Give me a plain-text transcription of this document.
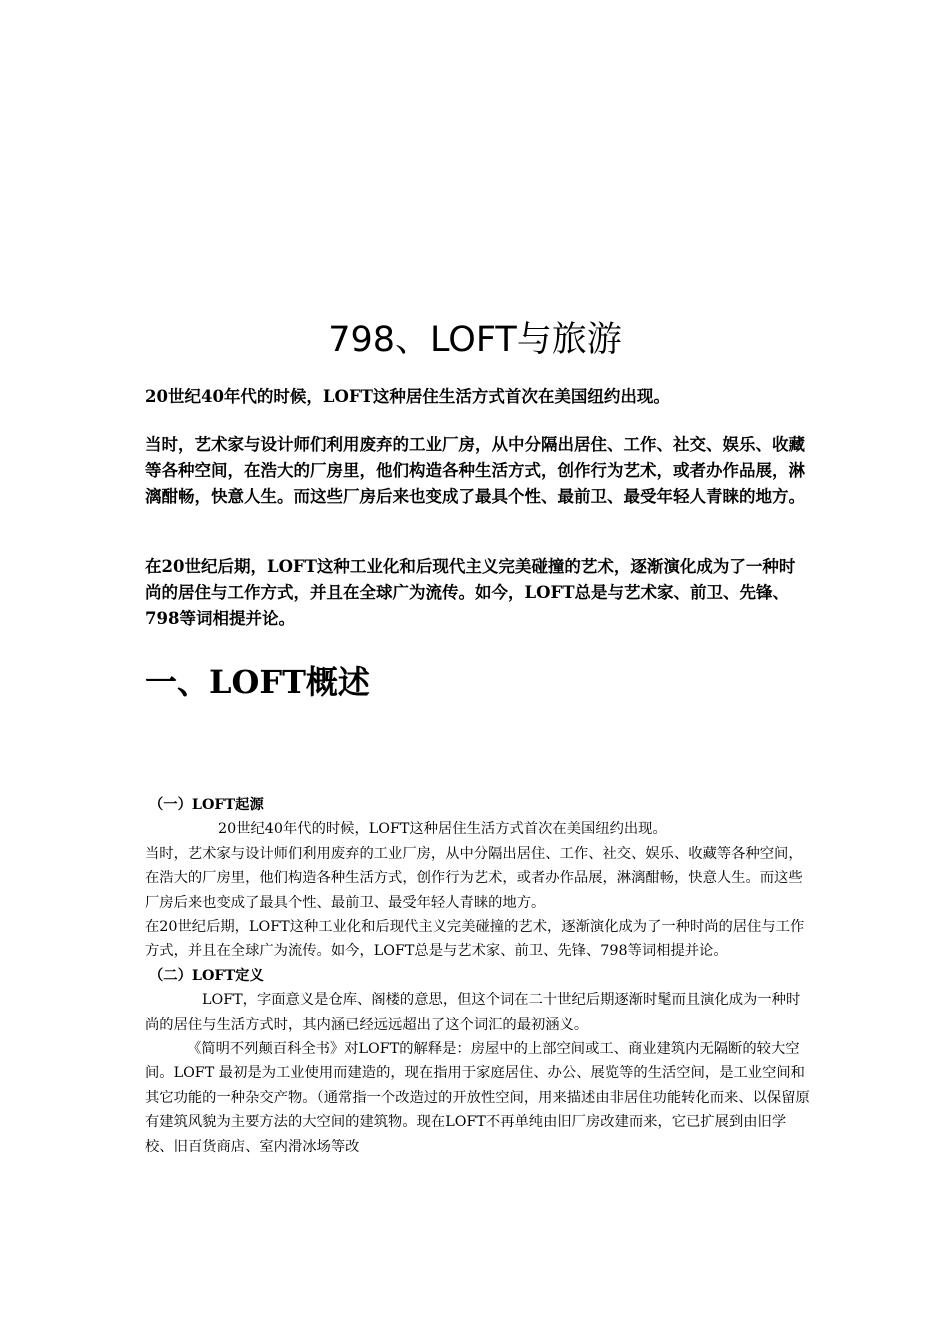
798、LOFT与旅游

20世纪40年代的时候，LOFT这种居住生活方式首次在美国纽约出现。

当时，艺术家与设计师们利用废弃的工业厂房，从中分隔出居住、工作、社交、娱乐、收藏等各种空间，在浩大的厂房里，他们构造各种生活方式，创作行为艺术，或者办作品展，淋漓酣畅，快意人生。而这些厂房后来也变成了最具个性、最前卫、最受年轻人青睐的地方。

在20世纪后期，LOFT这种工业化和后现代主义完美碰撞的艺术，逐渐演化成为了一种时尚的居住与工作方式，并且在全球广为流传。如今，LOFT总是与艺术家、前卫、先锋、798等词相提并论。

一、LOFT概述

（一）LOFT起源

20世纪40年代的时候，LOFT这种居住生活方式首次在美国纽约出现。

当时，艺术家与设计师们利用废弃的工业厂房，从中分隔出居住、工作、社交、娱乐、收藏等各种空间，在浩大的厂房里，他们构造各种生活方式，创作行为艺术，或者办作品展，淋漓酣畅，快意人生。而这些厂房后来也变成了最具个性、最前卫、最受年轻人青睐的地方。

在20世纪后期，LOFT这种工业化和后现代主义完美碰撞的艺术，逐渐演化成为了一种时尚的居住与工作方式，并且在全球广为流传。如今，LOFT总是与艺术家、前卫、先锋、798等词相提并论。

（二）LOFT定义

LOFT，字面意义是仓库、阁楼的意思，但这个词在二十世纪后期逐渐时髦而且演化成为一种时尚的居住与生活方式时，其内涵已经远远超出了这个词汇的最初涵义。

《简明不列颠百科全书》对LOFT的解释是：房屋中的上部空间或工、商业建筑内无隔断的较大空间。LOFT 最初是为工业使用而建造的，现在指用于家庭居住、办公、展览等的生活空间，是工业空间和其它功能的一种杂交产物。（通常指一个改造过的开放性空间，用来描述由非居住功能转化而来、以保留原有建筑风貌为主要方法的大空间的建筑物。现在LOFT不再单纯由旧厂房改建而来，它已扩展到由旧学校、旧百货商店、室内滑冰场等改
